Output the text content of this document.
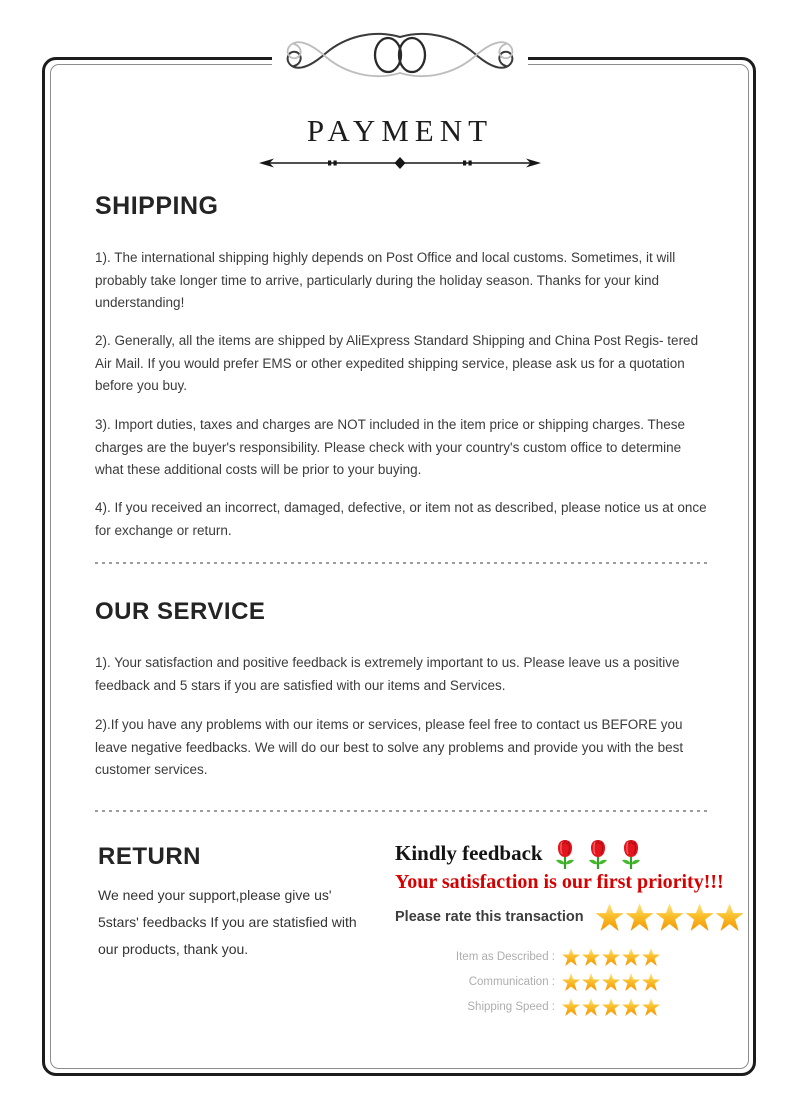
PAYMENT
SHIPPING

1). The international shipping highly depends on Post Office and local customs. Sometimes, it will probably take longer time to arrive, particularly during the holiday season. Thanks for your kind understanding!

2). Generally, all the items are shipped by AliExpress Standard Shipping and China Post Regis- tered Air Mail. If you would prefer EMS or other expedited shipping service, please ask us for a quotation before you buy.

3). Import duties, taxes and charges are NOT included in the item price or shipping charges. These charges are the buyer's responsibility. Please check with your country's custom office to determine what these additional costs will be prior to your buying.

4). If you received an incorrect, damaged, defective, or item not as described, please notice us at once for exchange or return.

OUR SERVICE

1). Your satisfaction and positive feedback is extremely important to us. Please leave us a positive feedback and 5 stars if you are satisfied with our items and Services.

2).If you have any problems with our items or services, please feel free to contact us BEFORE you leave negative feedbacks. We will do our best to solve any problems and provide you with the best customer services.

RETURN

We need your support,please give us' 5stars' feedbacks If you are statisfied with our products, thank you.

Kindly feedback

Your satisfaction is our first priority!!!

Please rate this transaction
Item as Described :
Communication :
Shipping Speed :
